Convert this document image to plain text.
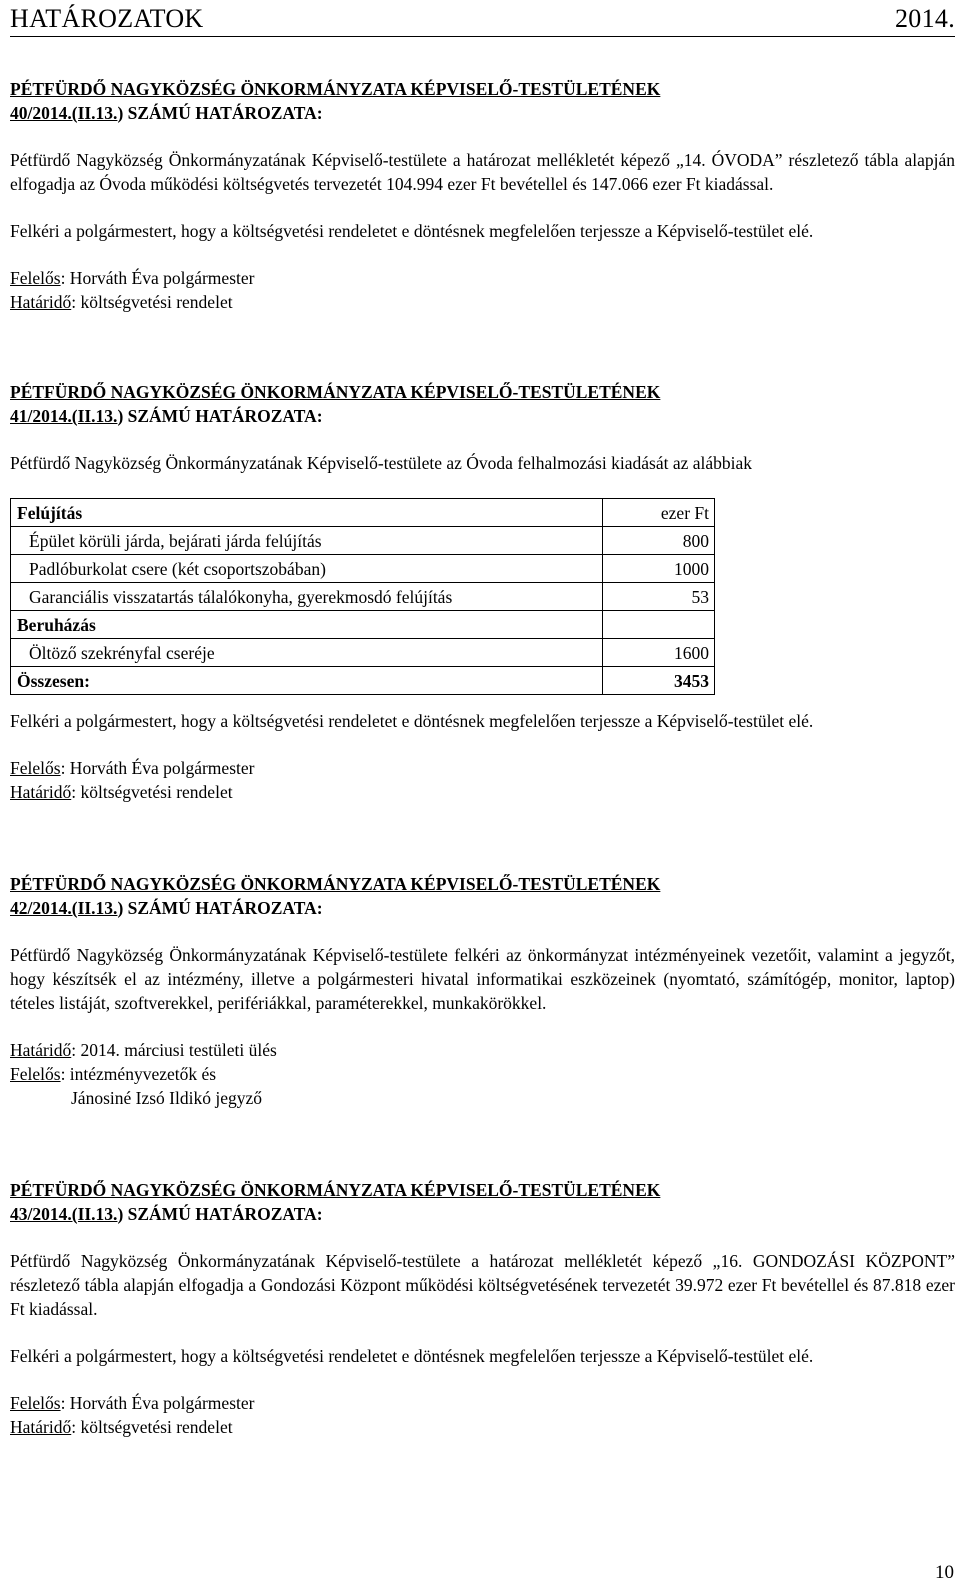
HATÁROZATOK	2014.
PÉTFÜRDŐ NAGYKÖZSÉG ÖNKORMÁNYZATA KÉPVISELŐ-TESTÜLETÉNEK
40/2014.(II.13.) SZÁMÚ HATÁROZATA:

Pétfürdő Nagyközség Önkormányzatának Képviselő-testülete a határozat mellékletét képező „14. ÓVODA” részletező tábla alapján elfogadja az Óvoda működési költségvetés tervezetét 104.994 ezer Ft bevétellel és 147.066 ezer Ft kiadással.

Felkéri a polgármestert, hogy a költségvetési rendeletet e döntésnek megfelelően terjessze a Képviselő-testület elé.

Felelős: Horváth Éva polgármester
Határidő: költségvetési rendelet
PÉTFÜRDŐ NAGYKÖZSÉG ÖNKORMÁNYZATA KÉPVISELŐ-TESTÜLETÉNEK
41/2014.(II.13.) SZÁMÚ HATÁROZATA:

Pétfürdő Nagyközség Önkormányzatának Képviselő-testülete az Óvoda felhalmozási kiadását az alábbiak

Felújítás	ezer Ft
Épület körüli járda, bejárati járda felújítás	800
Padlóburkolat csere (két csoportszobában)	1000
Garanciális visszatartás tálalókonyha, gyerekmosdó felújítás	53
Beruházás	
Öltöző szekrényfal cseréje	1600
Összesen:	3453

Felkéri a polgármestert, hogy a költségvetési rendeletet e döntésnek megfelelően terjessze a Képviselő-testület elé.

Felelős: Horváth Éva polgármester
Határidő: költségvetési rendelet
PÉTFÜRDŐ NAGYKÖZSÉG ÖNKORMÁNYZATA KÉPVISELŐ-TESTÜLETÉNEK
42/2014.(II.13.) SZÁMÚ HATÁROZATA:

Pétfürdő Nagyközség Önkormányzatának Képviselő-testülete felkéri az önkormányzat intézményeinek vezetőit, valamint a jegyzőt, hogy készítsék el az intézmény, illetve a polgármesteri hivatal informatikai eszközeinek (nyomtató, számítógép, monitor, laptop) tételes listáját, szoftverekkel, perifériákkal, paraméterekkel, munkakörökkel.

Határidő: 2014. márciusi testületi ülés
Felelős: intézményvezetők és
Jánosiné Izsó Ildikó jegyző
PÉTFÜRDŐ NAGYKÖZSÉG ÖNKORMÁNYZATA KÉPVISELŐ-TESTÜLETÉNEK
43/2014.(II.13.) SZÁMÚ HATÁROZATA:

Pétfürdő Nagyközség Önkormányzatának Képviselő-testülete a határozat mellékletét képező „16. GONDOZÁSI KÖZPONT” részletező tábla alapján elfogadja a Gondozási Központ működési költségvetésének tervezetét 39.972 ezer Ft bevétellel és 87.818 ezer Ft kiadással.

Felkéri a polgármestert, hogy a költségvetési rendeletet e döntésnek megfelelően terjessze a Képviselő-testület elé.

Felelős: Horváth Éva polgármester
Határidő: költségvetési rendelet
10
